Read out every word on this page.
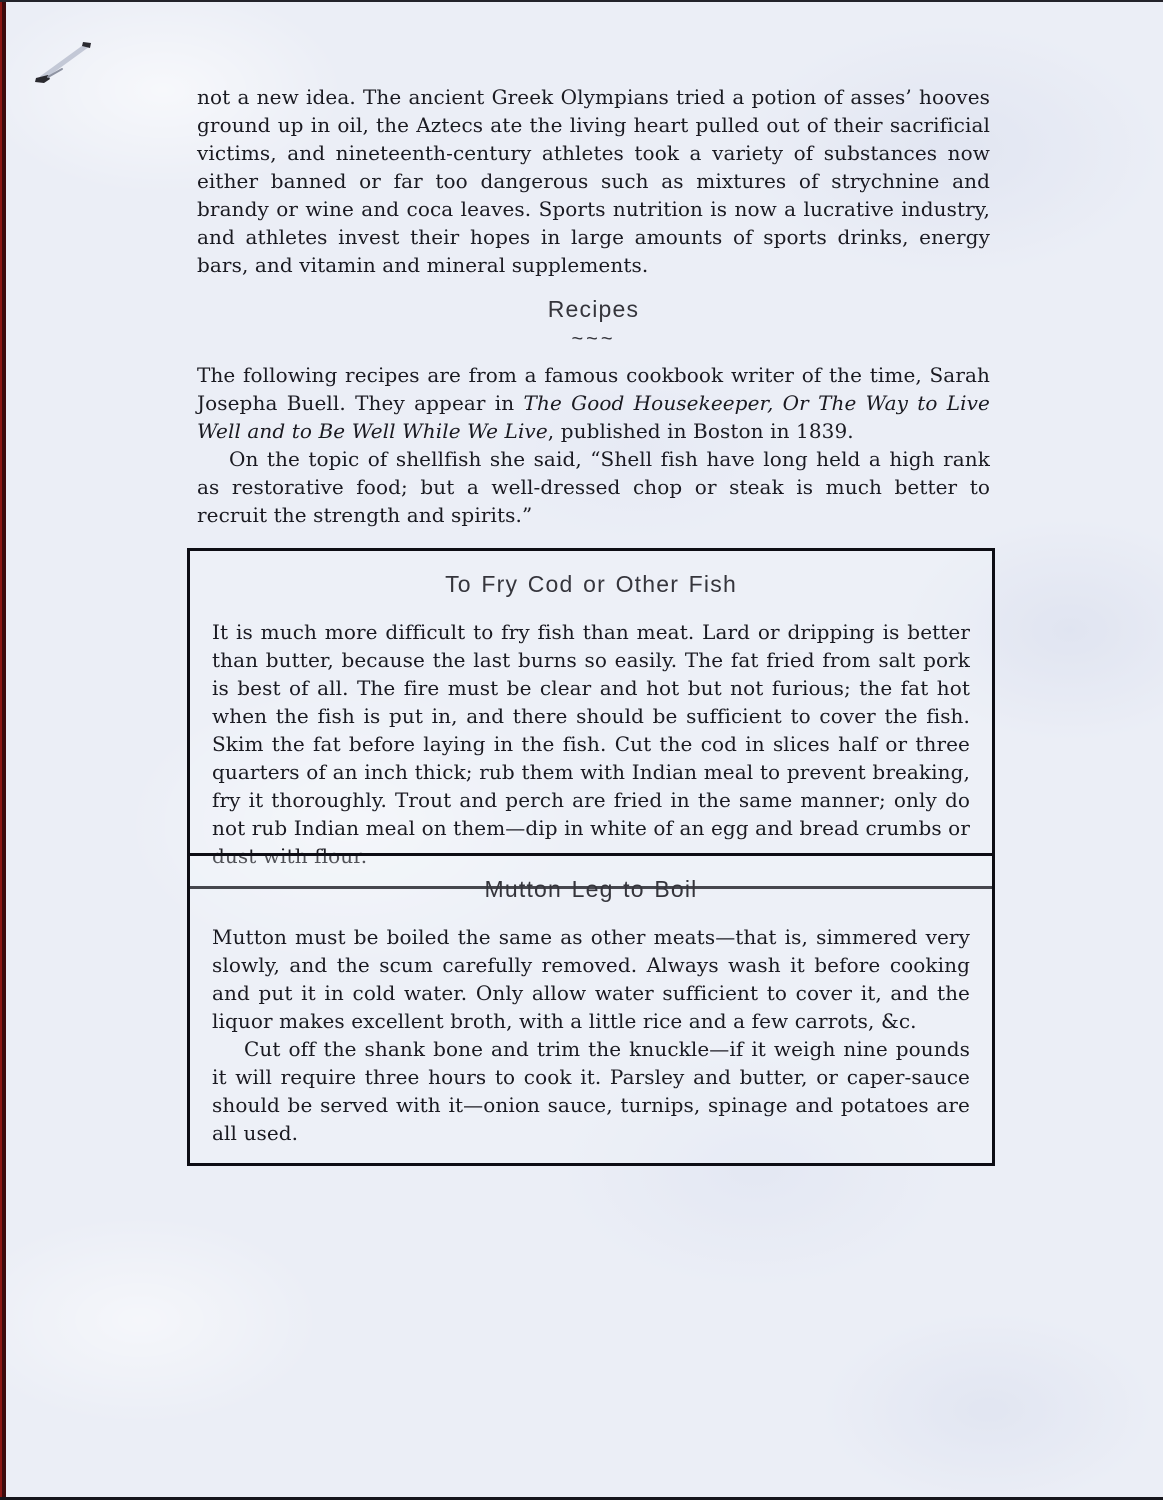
not a new idea. The ancient Greek Olympians tried a potion of asses’ hooves ground up in oil, the Aztecs ate the living heart pulled out of their sacrificial victims, and nineteenth-century athletes took a variety of substances now either banned or far too dangerous such as mixtures of strychnine and brandy or wine and coca leaves. Sports nutrition is now a lucrative industry, and athletes invest their hopes in large amounts of sports drinks, energy bars, and vitamin and mineral supplements.

Recipes
~~~

The following recipes are from a famous cookbook writer of the time, Sarah Josepha Buell. They appear in The Good Housekeeper, Or The Way to Live Well and to Be Well While We Live, published in Boston in 1839.

On the topic of shellfish she said, “Shell fish have long held a high rank as restorative food; but a well-dressed chop or steak is much better to recruit the strength and spirits.”

To Fry Cod or Other Fish

It is much more difficult to fry fish than meat. Lard or dripping is better than butter, because the last burns so easily. The fat fried from salt pork is best of all. The fire must be clear and hot but not furious; the fat hot when the fish is put in, and there should be sufficient to cover the fish. Skim the fat before laying in the fish. Cut the cod in slices half or three quarters of an inch thick; rub them with Indian meal to prevent breaking, fry it thoroughly. Trout and perch are fried in the same manner; only do not rub Indian meal on them—dip in white of an egg and bread crumbs or dust with flour.

Mutton Leg to Boil

Mutton must be boiled the same as other meats—that is, simmered very slowly, and the scum carefully removed. Always wash it before cooking and put it in cold water. Only allow water sufficient to cover it, and the liquor makes excellent broth, with a little rice and a few carrots, &c.

Cut off the shank bone and trim the knuckle—if it weigh nine pounds it will require three hours to cook it. Parsley and butter, or caper-sauce should be served with it—onion sauce, turnips, spinage and potatoes are all used.
